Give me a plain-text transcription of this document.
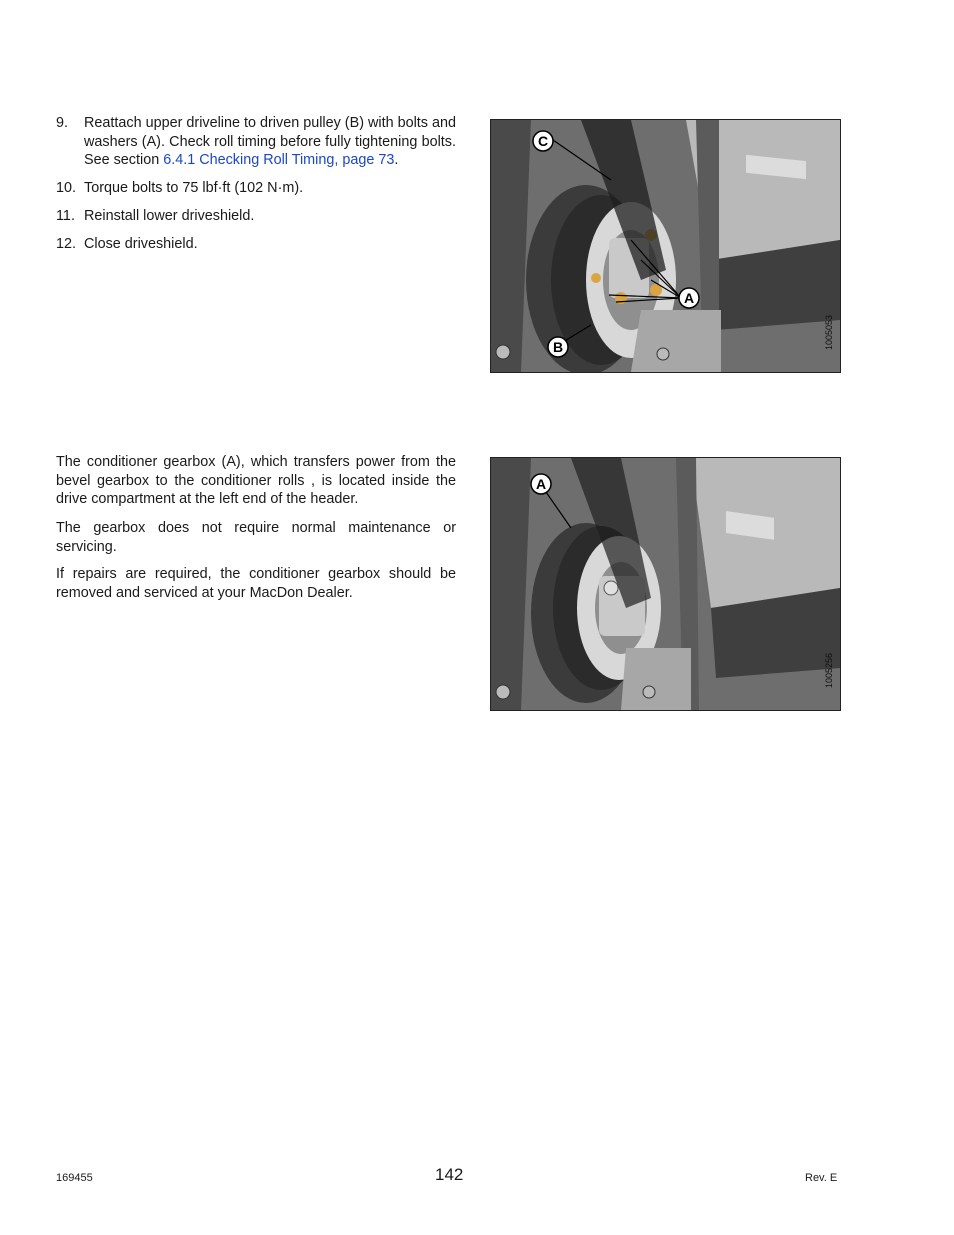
9.	Reattach upper driveline to driven pulley (B) with bolts and washers (A). Check roll timing before fully tightening bolts. See section 6.4.1 Checking Roll Timing, page 73.
10. Torque bolts to 75 lbf·ft (102 N·m).
11. Reinstall lower driveshield.
12. Close driveshield.
C
A
B	1005053

The conditioner gearbox (A), which transfers power from the bevel gearbox to the conditioner rolls , is located inside the drive compartment at the left end of the header.

The gearbox does not require normal maintenance or servicing.

If repairs are required, the conditioner gearbox should be removed and serviced at your MacDon Dealer.

A
1005256
169455	142	Rev. E
